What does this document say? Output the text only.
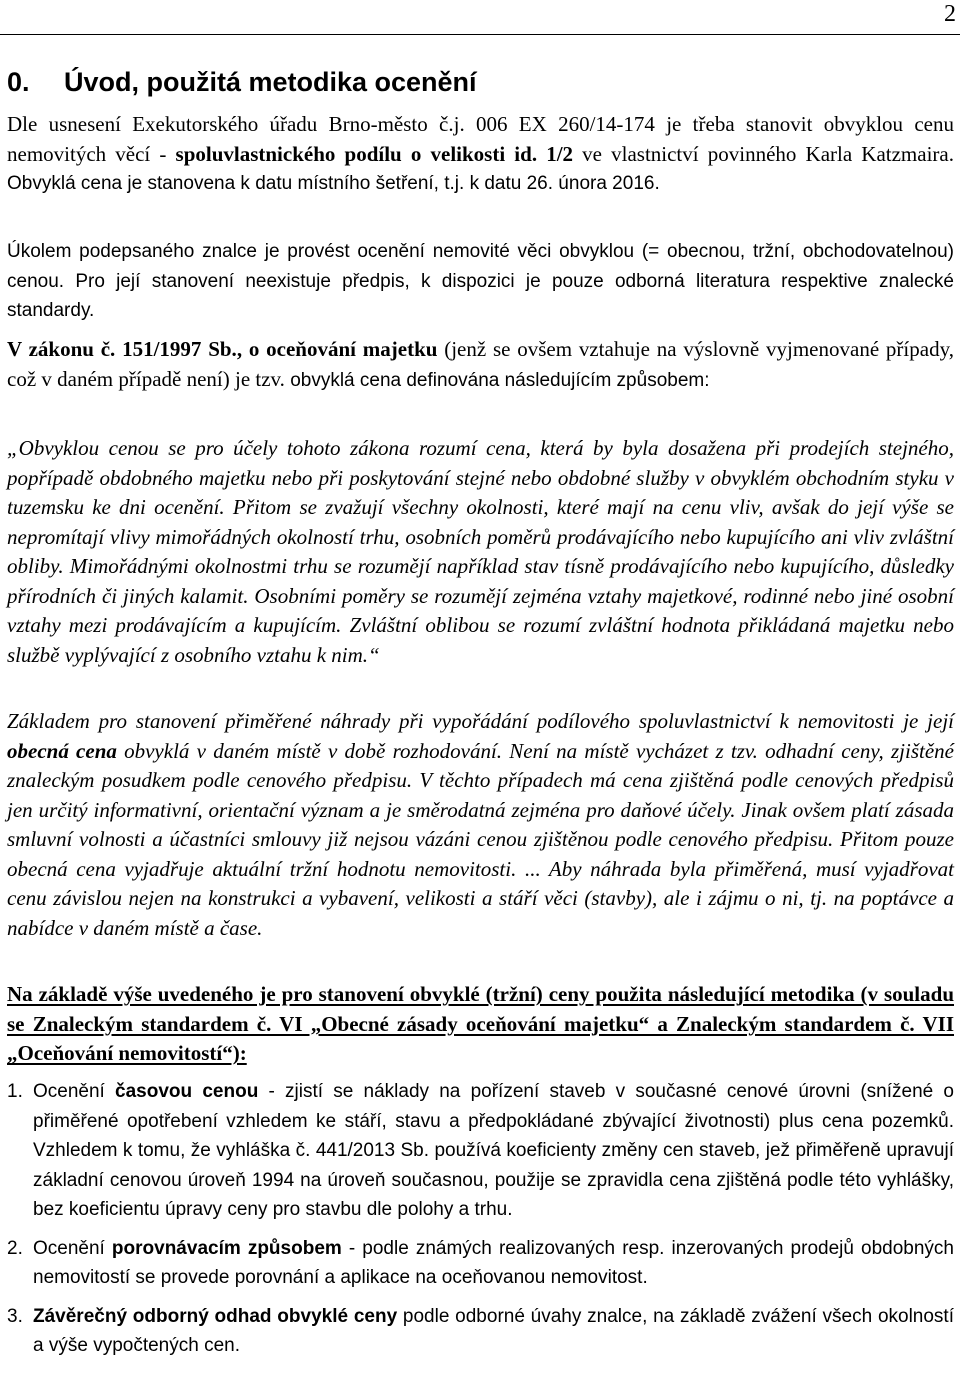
2
0. Úvod, použitá metodika ocenění

Dle usnesení Exekutorského úřadu Brno-město č.j. 006 EX 260/14-174 je třeba stanovit obvyklou cenu nemovitých věcí - spoluvlastnického podílu o velikosti id. 1/2 ve vlastnictví povinného Karla Katzmaira. Obvyklá cena je stanovena k datu místního šetření, t.j. k datu 26. února 2016.

Úkolem podepsaného znalce je provést ocenění nemovité věci obvyklou (= obecnou, tržní, obchodovatelnou) cenou. Pro její stanovení neexistuje předpis, k dispozici je pouze odborná literatura respektive znalecké standardy.

V zákonu č. 151/1997 Sb., o oceňování majetku (jenž se ovšem vztahuje na výslovně vyjmenované případy, což v daném případě není) je tzv. obvyklá cena definována následujícím způsobem:

„Obvyklou cenou se pro účely tohoto zákona rozumí cena, která by byla dosažena při prodejích stejného, popřípadě obdobného majetku nebo při poskytování stejné nebo obdobné služby v obvyklém obchodním styku v tuzemsku ke dni ocenění. Přitom se zvažují všechny okolnosti, které mají na cenu vliv, avšak do její výše se nepromítají vlivy mimořádných okolností trhu, osobních poměrů prodávajícího nebo kupujícího ani vliv zvláštní obliby. Mimořádnými okolnostmi trhu se rozumějí například stav tísně prodávajícího nebo kupujícího, důsledky přírodních či jiných kalamit. Osobními poměry se rozumějí zejména vztahy majetkové, rodinné nebo jiné osobní vztahy mezi prodávajícím a kupujícím. Zvláštní oblibou se rozumí zvláštní hodnota přikládaná majetku nebo službě vyplývající z osobního vztahu k nim.“

Základem pro stanovení přiměřené náhrady při vypořádání podílového spoluvlastnictví k nemovitosti je její obecná cena obvyklá v daném místě v době rozhodování. Není na místě vycházet z tzv. odhadní ceny, zjištěné znaleckým posudkem podle cenového předpisu. V těchto případech má cena zjištěná podle cenových předpisů jen určitý informativní, orientační význam a je směrodatná zejména pro daňové účely. Jinak ovšem platí zásada smluvní volnosti a účastníci smlouvy již nejsou vázáni cenou zjištěnou podle cenového předpisu. Přitom pouze obecná cena vyjadřuje aktuální tržní hodnotu nemovitosti. ... Aby náhrada byla přiměřená, musí vyjadřovat cenu závislou nejen na konstrukci a vybavení, velikosti a stáří věci (stavby), ale i zájmu o ni, tj. na poptávce a nabídce v daném místě a čase.

Na základě výše uvedeného je pro stanovení obvyklé (tržní) ceny použita následující metodika (v souladu se Znaleckým standardem č. VI „Obecné zásady oceňování majetku“ a Znaleckým standardem č. VII „Oceňování nemovitostí“):

1. Ocenění časovou cenou - zjistí se náklady na pořízení staveb v současné cenové úrovni (snížené o přiměřené opotřebení vzhledem ke stáří, stavu a předpokládané zbývající životnosti) plus cena pozemků. Vzhledem k tomu, že vyhláška č. 441/2013 Sb. používá koeficienty změny cen staveb, jež přiměřeně upravují základní cenovou úroveň 1994 na úroveň současnou, použije se zpravidla cena zjištěná podle této vyhlášky, bez koeficientu úpravy ceny pro stavbu dle polohy a trhu.
2. Ocenění porovnávacím způsobem - podle známých realizovaných resp. inzerovaných prodejů obdobných nemovitostí se provede porovnání a aplikace na oceňovanou nemovitost.
3. Závěrečný odborný odhad obvyklé ceny podle odborné úvahy znalce, na základě zvážení všech okolností a výše vypočtených cen.
